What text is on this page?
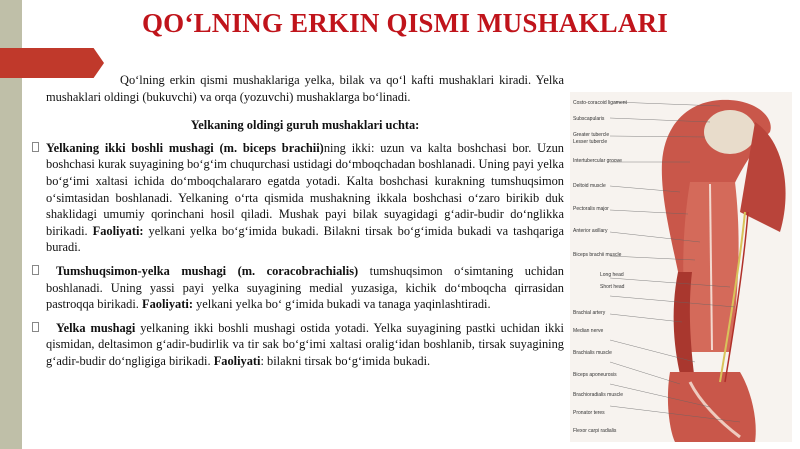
QO‘LNING ERKIN QISMI MUSHAKLARI

Qo‘lning erkin qismi mushaklariga yelka, bilak va qo‘l kafti mushaklari kiradi. Yelka mushaklari oldingi (bukuvchi) va orqa (yozuvchi) mushaklarga bo‘linadi.

Yelkaning oldingi guruh mushaklari uchta:

Yelkaning ikki boshli mushagi (m. biceps brachii)ning ikki: uzun va kalta boshchasi bor. Uzun boshchasi kurak suyagining bo‘g‘im chuqurchasi ustidagi do‘mboqchadan boshlanadi. Uning payi yelka bo‘g‘imi xaltasi ichida do‘mboqchalararo egatda yotadi. Kalta boshchasi kurakning tumshuqsimon o‘simtasidan boshlanadi. Yelkaning o‘rta qismida mushakning ikkala boshchasi o‘zaro birikib duk shaklidagi umumiy qorinchani hosil qiladi. Mushak payi bilak suyagidagi g‘adir-budir do‘nglikka birikadi. Faoliyati: yelkani yelka bo‘g‘imida bukadi. Bilakni tirsak bo‘g‘imida bukadi va tashqariga buradi.

Tumshuqsimon-yelka mushagi (m. coracobrachialis) tumshuqsimon o‘simtaning uchidan boshlanadi. Uning yassi payi yelka suyagining medial yuzasiga, kichik do‘mboqcha qirrasidan pastroqqa birikadi. Faoliyati: yelkani yelka bo‘ g‘imida bukadi va tanaga yaqinlashtiradi.

Yelka mushagi yelkaning ikki boshli mushagi ostida yotadi. Yelka suyagining pastki uchidan ikki qismidan, deltasimon g‘adir-budirlik va tir sak bo‘g‘imi xaltasi oralig‘idan boshlanib, tirsak suyagining g‘adir-budir do‘ngligiga birikadi. Faoliyati: bilakni tirsak bo‘g‘imida bukadi.

Costo-coracoid ligament
Subscapularis
Greater tubercle
Lesser tubercle
Intertubercular groove
Deltoid muscle
Pectoralis major
Anterior axillary
Biceps brachii muscle
Long head
Short head
Brachial artery
Median nerve
Brachialis muscle
Biceps aponeurosis
Brachioradialis muscle
Pronator teres
Flexor carpi radialis
